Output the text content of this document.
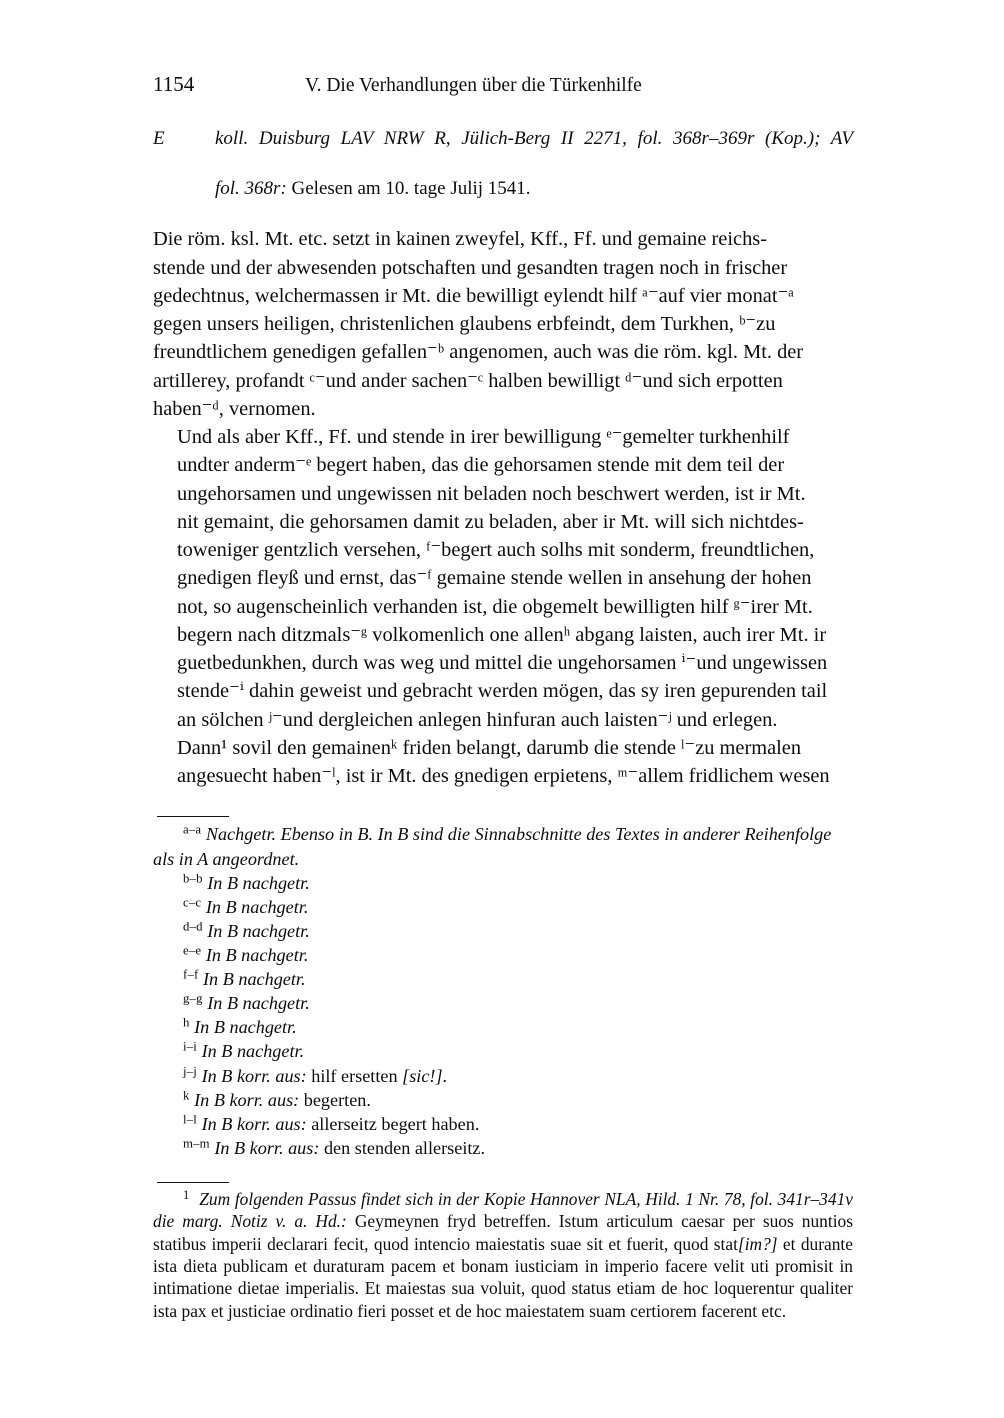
1154	V. Die Verhandlungen über die Türkenhilfe
E	koll. Duisburg LAV NRW R, Jülich-Berg II 2271, fol. 368r–369r (Kop.); AV
fol. 368r: Gelesen am 10. tage Julij 1541.

Die röm. ksl. Mt. etc. setzt in kainen zweyfel, Kff., Ff. und gemaine reichs-
stende und der abwesenden potschaften und gesandten tragen noch in frischer
gedechtnus, welchermassen ir Mt. die bewilligt eylendt hilf ᵃ⁻auf vier monat⁻ᵃ
gegen unsers heiligen, christenlichen glaubens erbfeindt, dem Turkhen, ᵇ⁻zu
freundtlichem genedigen gefallen⁻ᵇ angenomen, auch was die röm. kgl. Mt. der
artillerey, profandt ᶜ⁻und ander sachen⁻ᶜ halben bewilligt ᵈ⁻und sich erpotten
haben⁻ᵈ, vernomen.

Und als aber Kff., Ff. und stende in irer bewilligung ᵉ⁻gemelter turkhenhilf
undter anderm⁻ᵉ begert haben, das die gehorsamen stende mit dem teil der
ungehorsamen und ungewissen nit beladen noch beschwert werden, ist ir Mt.
nit gemaint, die gehorsamen damit zu beladen, aber ir Mt. will sich nichtdes-
toweniger gentzlich versehen, ᶠ⁻begert auch solhs mit sonderm, freundtlichen,
gnedigen fleyß und ernst, das⁻ᶠ gemaine stende wellen in ansehung der hohen
not, so augenscheinlich verhanden ist, die obgemelt bewilligten hilf ᵍ⁻irer Mt.
begern nach ditzmals⁻ᵍ volkomenlich one allenʰ abgang laisten, auch irer Mt. ir
guetbedunkhen, durch was weg und mittel die ungehorsamen ⁱ⁻und ungewissen
stende⁻ⁱ dahin geweist und gebracht werden mögen, das sy iren gepurenden tail
an sölchen ʲ⁻und dergleichen anlegen hinfuran auch laisten⁻ʲ und erlegen.

Dann¹ sovil den gemainenᵏ friden belangt, darumb die stende ˡ⁻zu mermalen
angesuecht haben⁻ˡ, ist ir Mt. des gnedigen erpietens, ᵐ⁻allem fridlichem wesen

$^{a-a}$ Nachgetr. Ebenso in B. In B sind die Sinnabschnitte des Textes in anderer Reihenfolge als in A angeordnet.

$^{b-b}$ In B nachgetr.

$^{c-c}$ In B nachgetr.

$^{d-d}$ In B nachgetr.

$^{e-e}$ In B nachgetr.

$^{f-f}$ In B nachgetr.

$^{g-g}$ In B nachgetr.

$^h$ In B nachgetr.

$^{i-i}$ In B nachgetr.

$^{j-j}$ In B korr. aus: hilf ersetten [sic!].

$^k$ In B korr. aus: begerten.

$^{l-l}$ In B korr. aus: allerseitz begert haben.

$^{m-m}$ In B korr. aus: den stenden allerseitz.

$^1$ Zum folgenden Passus findet sich in der Kopie Hannover NLA, Hild. 1 Nr. 78, fol. 341r–341v die marg. Notiz v. a. Hd.: Geymeynen fryd betreffen. Istum articulum caesar per suos nuntios statibus imperii declarari fecit, quod intencio maiestatis suae sit et fuerit, quod stat[im?] et durante ista dieta publicam et duraturam pacem et bonam iusticiam in imperio facere velit uti promisit in intimatione dietae imperialis. Et maiestas sua voluit, quod status etiam de hoc loquerentur qualiter ista pax et justiciae ordinatio fieri posset et de hoc maiestatem suam certiorem facerent etc.
